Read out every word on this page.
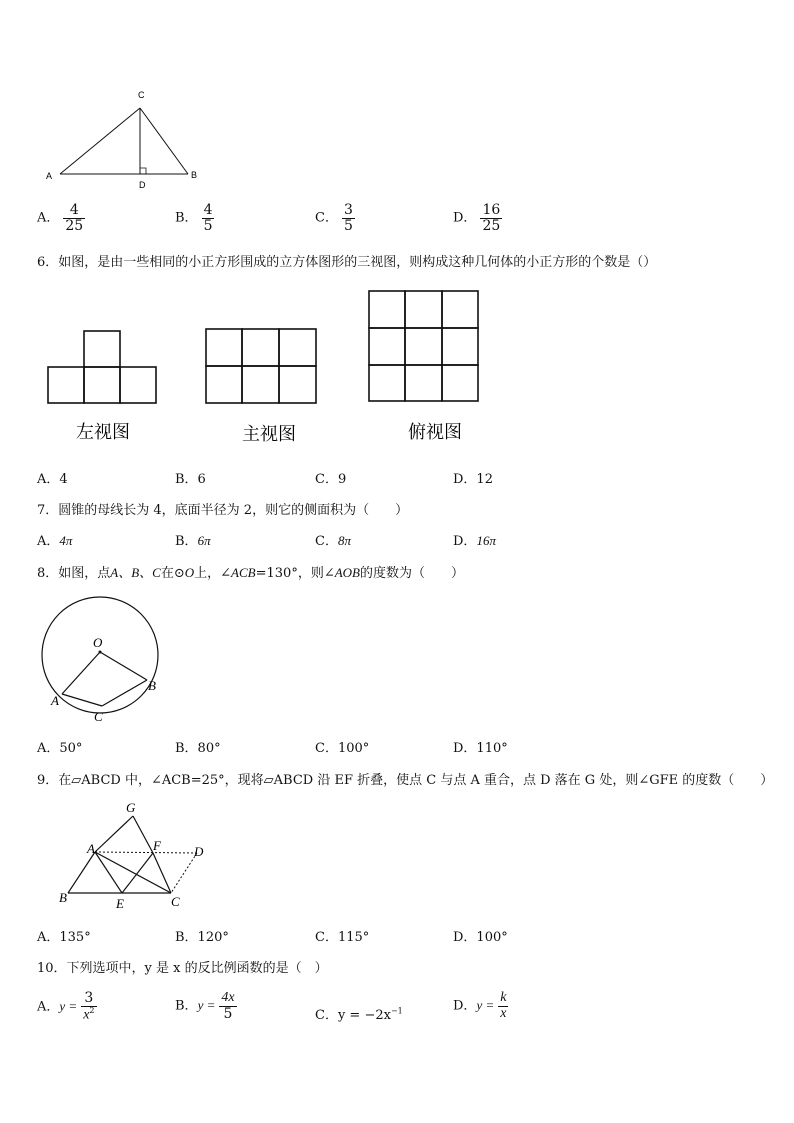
C
A	B
D
A． $\frac{4}{25}$	B． $\frac{4}{5}$	C． $\frac{3}{5}$	D． $\frac{16}{25}$
6．如图，是由一些相同的小正方形围成的立方体图形的三视图，则构成这种几何体的小正方形的个数是（）
左视图	主视图	俯视图
A．4	B．6	C．9	D．12
7．圆锥的母线长为 4，底面半径为 2，则它的侧面积为（　　）
A．4π	B．6π	C．8π	D．16π
8．如图，点A、B、C在⊙O上，∠ACB=130°，则∠AOB的度数为（　　）
O
A
B
C
A．50°	B．80°	C．100°	D．110°
9．在▱ABCD 中，∠ACB=25°，现将▱ABCD 沿 EF 折叠，使点 C 与点 A 重合，点 D 落在 G 处，则∠GFE 的度数（　　）
G
A	F	D
B	E	C
A．135°	B．120°	C．115°	D．100°
10．下列选项中，y 是 x 的反比例函数的是（　）
A．$y = \frac{3}{x^2}$	B．$y = \frac{4x}{5}$	C．$y = -2x^{-1}$	D．$y = \frac{k}{x}$
